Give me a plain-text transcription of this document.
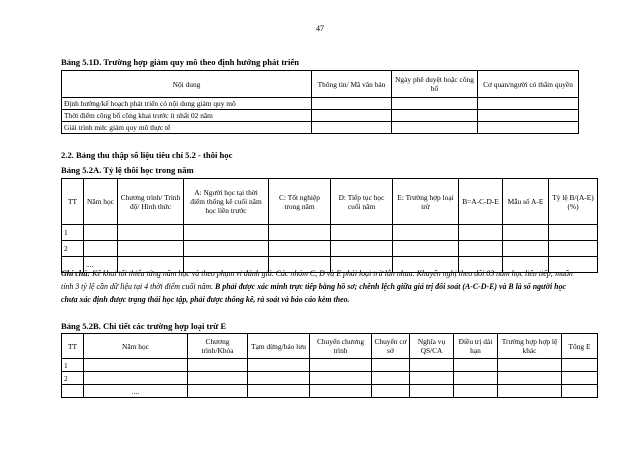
47
Bảng 5.1D. Trường hợp giảm quy mô theo định hướng phát triển
Nội dung	Thông tin/ Mã văn bản	Ngày phê duyệt hoặc công bố	Cơ quan/người có thẩm quyền
Định hướng/kế hoạch phát triển có nội dung giảm quy mô			
Thời điểm công bố công khai trước ít nhất 02 năm			
Giải trình mức giảm quy mô thực tế			
2.2. Bảng thu thập số liệu tiêu chí 5.2 - thôi học
Bảng 5.2A. Tỷ lệ thôi học trong năm
TT	Năm học	Chương trình/ Trình độ/ Hình thức	A: Người học tại thời điểm thống kê cuối năm học liền trước	C: Tốt nghiệp trong năm	D: Tiếp tục học cuối năm	E: Trường hợp loại trừ	B=A-C-D-E	Mẫu số A-E	Tỷ lệ B/(A-E) (%)
1									
2									
	....								
Ghi chú: Kê khai tối thiểu từng năm học và theo phạm vi đánh giá. Các nhóm C, D và E phải loại trừ lẫn nhau. Khuyến nghị theo dõi 03 năm học liên tiếp; muốn tính 3 tỷ lệ cần dữ liệu tại 4 thời điểm cuối năm. B phải được xác minh trực tiếp bằng hồ sơ; chênh lệch giữa giá trị đối soát (A-C-D-E) và B là số người học chưa xác định được trạng thái học tập, phải được thống kê, rà soát và báo cáo kèm theo.
Bảng 5.2B. Chi tiết các trường hợp loại trừ E
TT	Năm học	Chương trình/Khóa	Tạm dừng/bảo lưu	Chuyển chương trình	Chuyển cơ sở	Nghĩa vụ QS/CA	Điều trị dài hạn	Trường hợp hợp lệ khác	Tổng E
1									
2									
	....								
